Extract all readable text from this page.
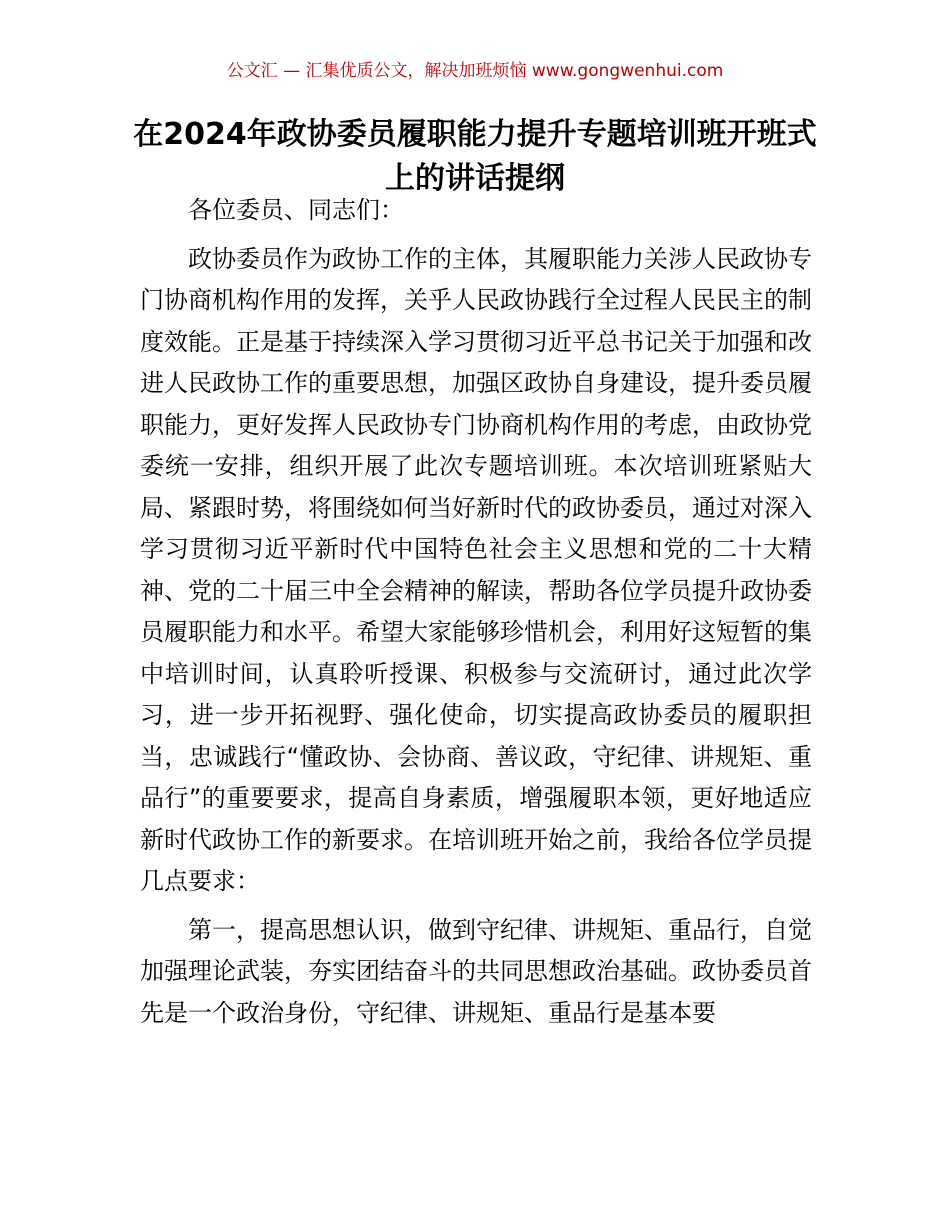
公文汇 — 汇集优质公文，解决加班烦恼 www.gongwenhui.com
在2024年政协委员履职能力提升专题培训班开班式上的讲话提纲

各位委员、同志们：

政协委员作为政协工作的主体，其履职能力关涉人民政协专门协商机构作用的发挥，关乎人民政协践行全过程人民民主的制度效能。正是基于持续深入学习贯彻习近平总书记关于加强和改进人民政协工作的重要思想，加强区政协自身建设，提升委员履职能力，更好发挥人民政协专门协商机构作用的考虑，由政协党委统一安排，组织开展了此次专题培训班。本次培训班紧贴大局、紧跟时势，将围绕如何当好新时代的政协委员，通过对深入学习贯彻习近平新时代中国特色社会主义思想和党的二十大精神、党的二十届三中全会精神的解读，帮助各位学员提升政协委员履职能力和水平。希望大家能够珍惜机会，利用好这短暂的集中培训时间，认真聆听授课、积极参与交流研讨，通过此次学习，进一步开拓视野、强化使命，切实提高政协委员的履职担当，忠诚践行“懂政协、会协商、善议政，守纪律、讲规矩、重品行”的重要要求，提高自身素质，增强履职本领，更好地适应新时代政协工作的新要求。在培训班开始之前，我给各位学员提几点要求：

第一，提高思想认识，做到守纪律、讲规矩、重品行，自觉加强理论武装，夯实团结奋斗的共同思想政治基础。政协委员首先是一个政治身份，守纪律、讲规矩、重品行是基本要
